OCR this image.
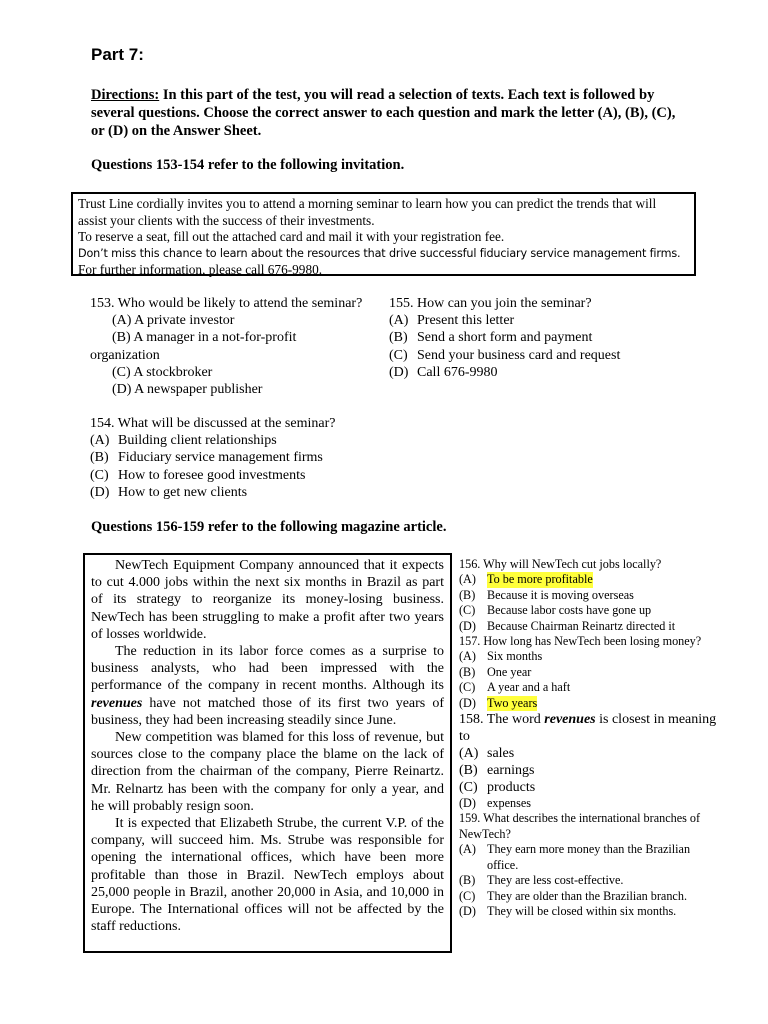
Part 7:
Directions: In this part of the test, you will read a selection of texts. Each text is followed by several questions. Choose the correct answer to each question and mark the letter (A), (B), (C), or (D) on the Answer Sheet.
Questions 153-154 refer to the following invitation.
Trust Line cordially invites you to attend a morning seminar to learn how you can predict the trends that will
assist your clients with the success of their investments.
To reserve a seat, fill out the attached card and mail it with your registration fee.
Don’t miss this chance to learn about the resources that drive successful fiduciary service management firms.
For further information, please call 676-9980.
153. Who would be likely to attend the seminar?
(A) A private investor
(B) A manager in a not-for-profit
organization
(C) A stockbroker
(D) A newspaper publisher
155. How can you join the seminar?
(A) Present this letter
(B) Send a short form and payment
(C) Send your business card and request
(D) Call 676-9980
154. What will be discussed at the seminar?
(A) Building client relationships
(B) Fiduciary service management firms
(C) How to foresee good investments
(D) How to get new clients
Questions 156-159 refer to the following magazine article.

NewTech Equipment Company announced that it expects to cut 4.000 jobs within the next six months in Brazil as part of its strategy to reorganize its money-losing business. NewTech has been struggling to make a profit after two years of losses worldwide.

The reduction in its labor force comes as a surprise to business analysts, who had been impressed with the performance of the company in recent months. Although its revenues have not matched those of its first two years of business, they had been increasing steadily since June.

New competition was blamed for this loss of revenue, but sources close to the company place the blame on the lack of direction from the chairman of the company, Pierre Reinartz. Mr. Relnartz has been with the company for only a year, and he will probably resign soon.

It is expected that Elizabeth Strube, the current V.P. of the company, will succeed him. Ms. Strube was responsible for opening the international offices, which have been more profitable than those in Brazil. NewTech employs about 25,000 people in Brazil, another 20,000 in Asia, and 10,000 in Europe. The International offices will not be affected by the staff reductions.

156. Why will NewTech cut jobs locally?
(A) To be more profitable
(B) Because it is moving overseas
(C) Because labor costs have gone up
(D) Because Chairman Reinartz directed it
157. How long has NewTech been losing money?
(A) Six months
(B) One year
(C) A year and a haft
(D) Two years
158. The word revenues is closest in meaning to
(A) sales
(B) earnings
(C) products
(D) expenses
159. What describes the international branches of NewTech?
(A) They earn more money than the Brazilian office.
(B) They are less cost-effective.
(C) They are older than the Brazilian branch.
(D) They will be closed within six months.
